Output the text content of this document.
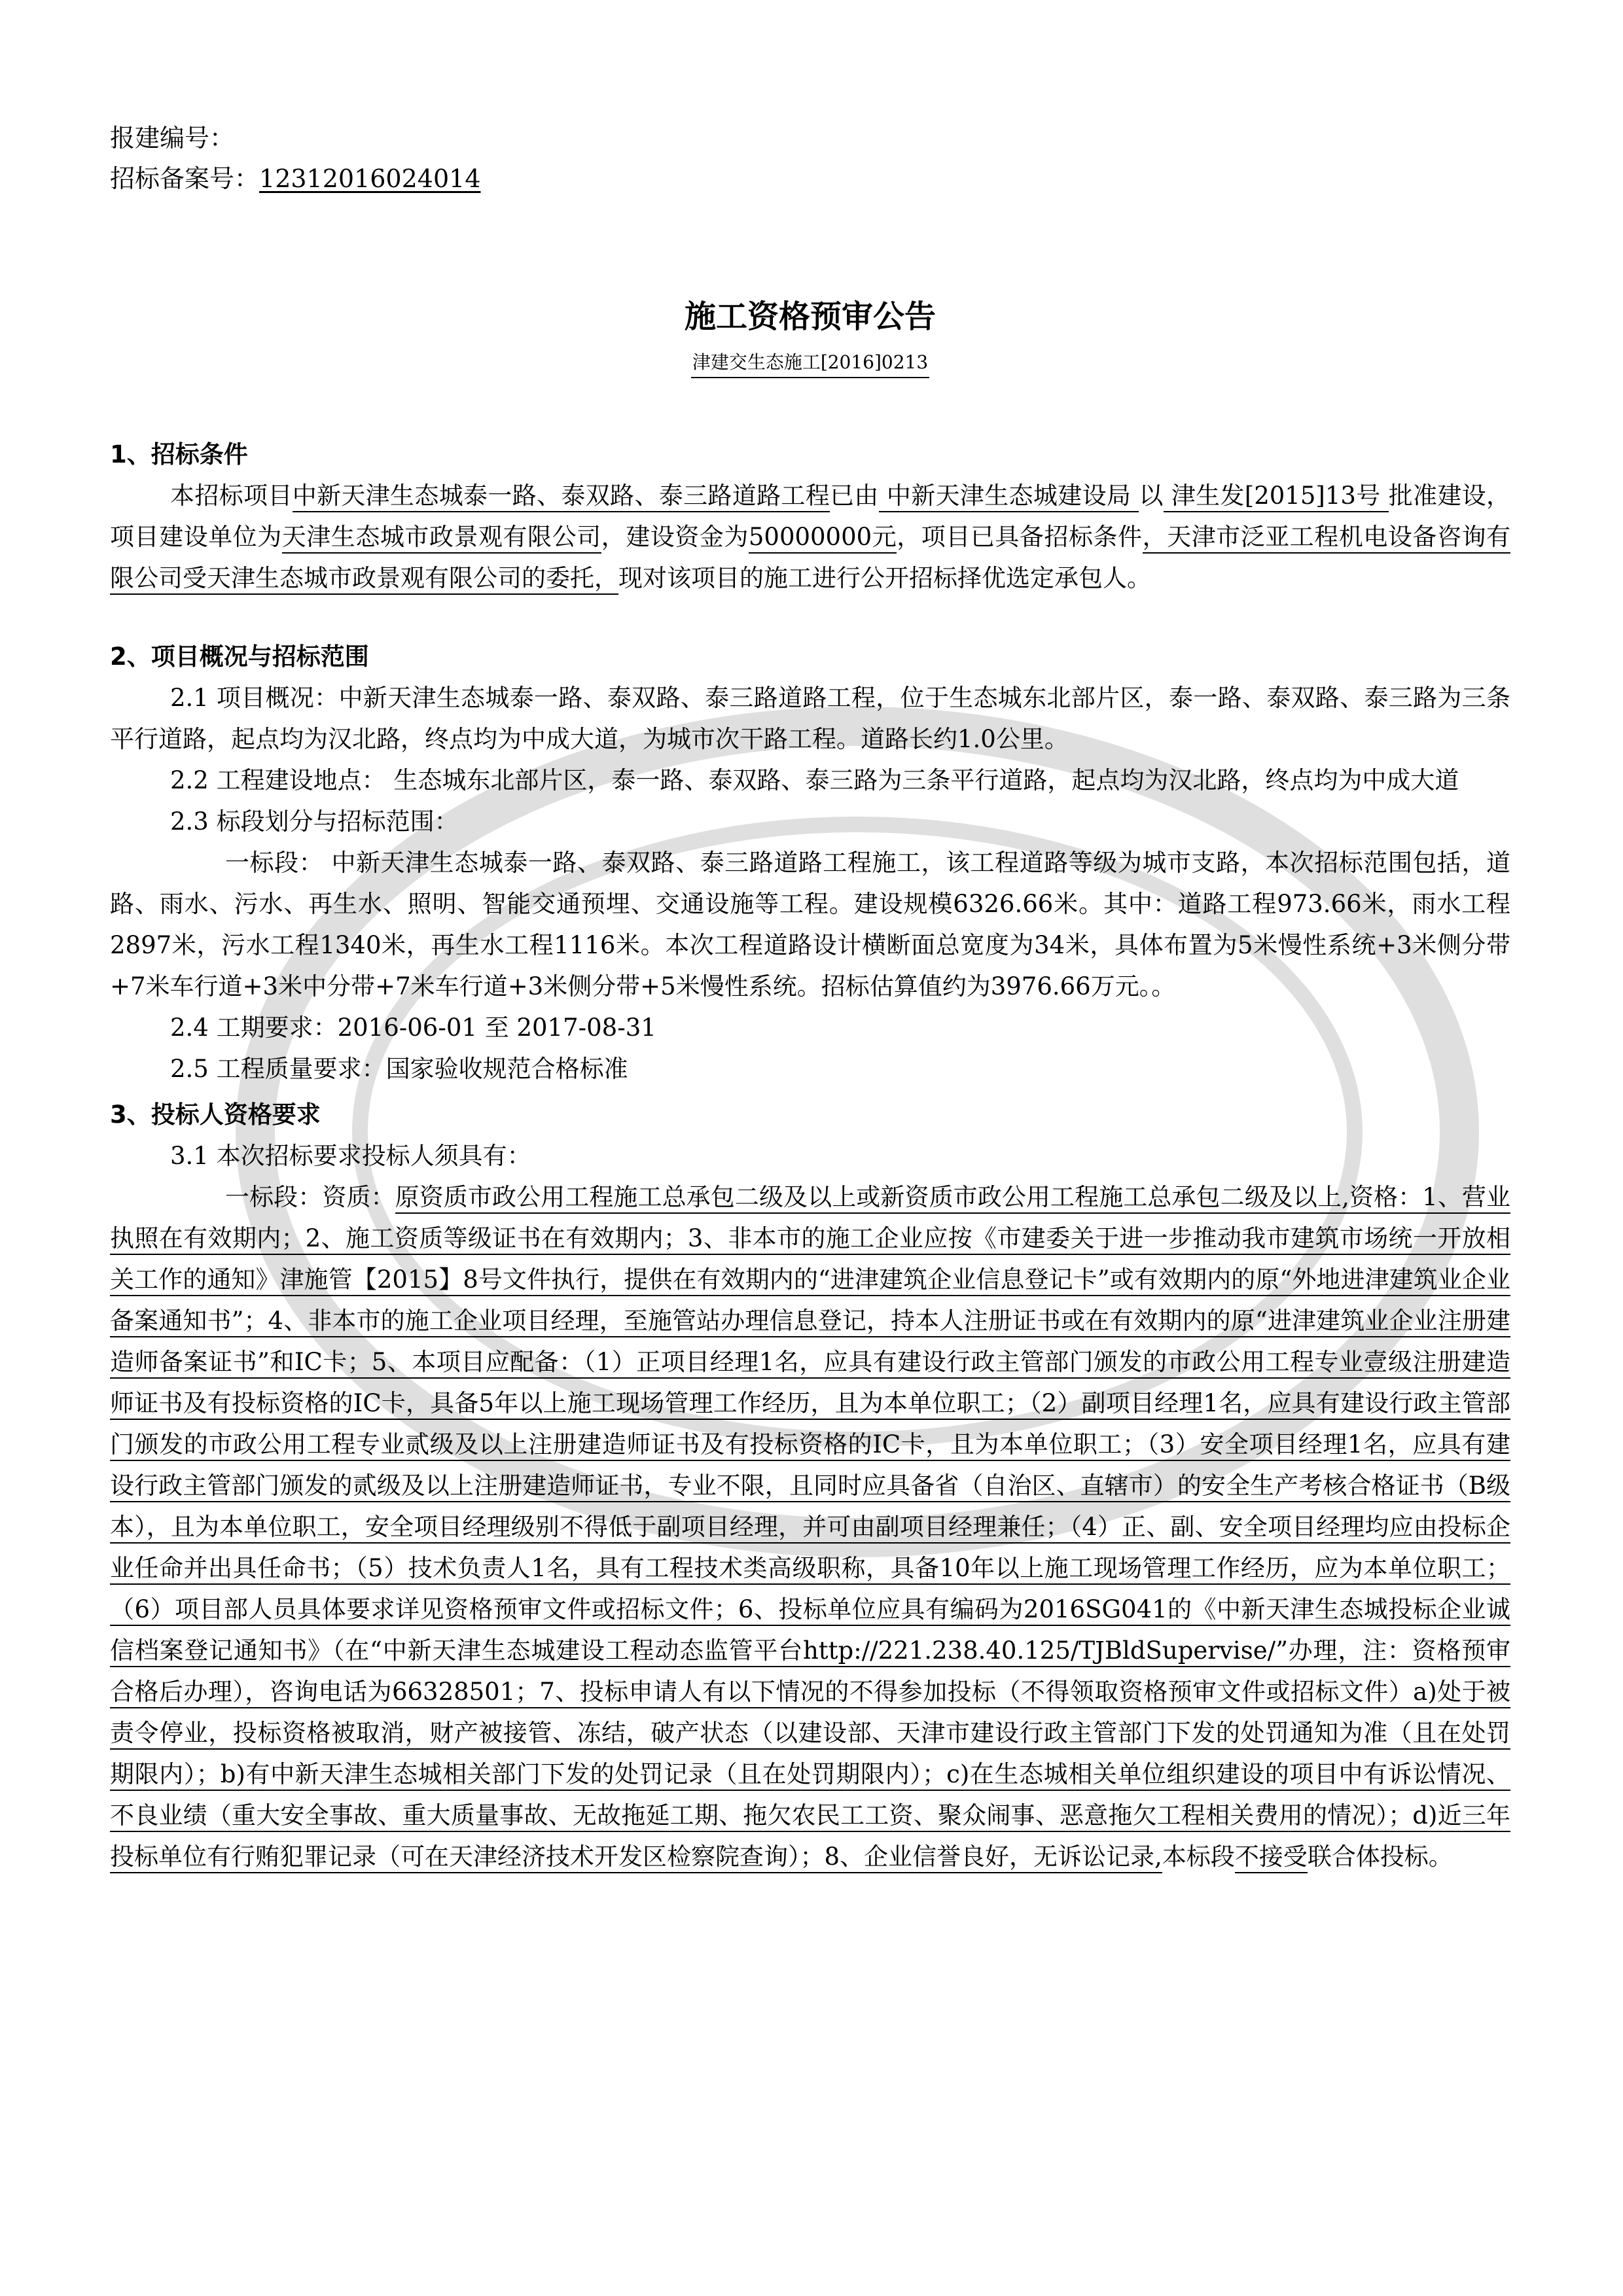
报建编号：
招标备案号：12312016024014
施工资格预审公告
津建交生态施工[2016]0213
1、招标条件

本招标项目中新天津生态城泰一路、泰双路、泰三路道路工程已由 中新天津生态城建设局 以 津生发[2015]13号 批准建设，项目建设单位为天津生态城市政景观有限公司，建设资金为50000000元，项目已具备招标条件，天津市泛亚工程机电设备咨询有限公司受天津生态城市政景观有限公司的委托，现对该项目的施工进行公开招标择优选定承包人。

2、项目概况与招标范围

2.1 项目概况：中新天津生态城泰一路、泰双路、泰三路道路工程，位于生态城东北部片区，泰一路、泰双路、泰三路为三条平行道路，起点均为汉北路，终点均为中成大道，为城市次干路工程。道路长约1.0公里。

2.2 工程建设地点： 生态城东北部片区，泰一路、泰双路、泰三路为三条平行道路，起点均为汉北路，终点均为中成大道

2.3 标段划分与招标范围：

一标段： 中新天津生态城泰一路、泰双路、泰三路道路工程施工，该工程道路等级为城市支路，本次招标范围包括，道路、雨水、污水、再生水、照明、智能交通预埋、交通设施等工程。建设规模6326.66米。其中：道路工程973.66米，雨水工程2897米，污水工程1340米，再生水工程1116米。本次工程道路设计横断面总宽度为34米，具体布置为5米慢性系统+3米侧分带+7米车行道+3米中分带+7米车行道+3米侧分带+5米慢性系统。招标估算值约为3976.66万元。。

2.4 工期要求：2016-06-01 至 2017-08-31

2.5 工程质量要求：国家验收规范合格标准

3、投标人资格要求

3.1 本次招标要求投标人须具有：

一标段：资质：原资质市政公用工程施工总承包二级及以上或新资质市政公用工程施工总承包二级及以上,资格：1、营业执照在有效期内；2、施工资质等级证书在有效期内；3、非本市的施工企业应按《市建委关于进一步推动我市建筑市场统一开放相关工作的通知》津施管【2015】8号文件执行，提供在有效期内的“进津建筑企业信息登记卡”或有效期内的原“外地进津建筑业企业备案通知书”；4、非本市的施工企业项目经理，至施管站办理信息登记，持本人注册证书或在有效期内的原“进津建筑业企业注册建造师备案证书”和IC卡；5、本项目应配备：（1）正项目经理1名，应具有建设行政主管部门颁发的市政公用工程专业壹级注册建造师证书及有投标资格的IC卡，具备5年以上施工现场管理工作经历，且为本单位职工；（2）副项目经理1名，应具有建设行政主管部门颁发的市政公用工程专业贰级及以上注册建造师证书及有投标资格的IC卡，且为本单位职工；（3）安全项目经理1名，应具有建设行政主管部门颁发的贰级及以上注册建造师证书，专业不限，且同时应具备省（自治区、直辖市）的安全生产考核合格证书（B级本），且为本单位职工，安全项目经理级别不得低于副项目经理，并可由副项目经理兼任；（4）正、副、安全项目经理均应由投标企业任命并出具任命书；（5）技术负责人1名，具有工程技术类高级职称，具备10年以上施工现场管理工作经历，应为本单位职工；（6）项目部人员具体要求详见资格预审文件或招标文件；6、投标单位应具有编码为2016SG041的《中新天津生态城投标企业诚信档案登记通知书》（在“中新天津生态城建设工程动态监管平台http://221.238.40.125/TJBldSupervise/”办理，注：资格预审合格后办理），咨询电话为66328501；7、投标申请人有以下情况的不得参加投标（不得领取资格预审文件或招标文件）a)处于被责令停业，投标资格被取消，财产被接管、冻结，破产状态（以建设部、天津市建设行政主管部门下发的处罚通知为准（且在处罚期限内）；b)有中新天津生态城相关部门下发的处罚记录（且在处罚期限内）；c)在生态城相关单位组织建设的项目中有诉讼情况、不良业绩（重大安全事故、重大质量事故、无故拖延工期、拖欠农民工工资、聚众闹事、恶意拖欠工程相关费用的情况）；d)近三年投标单位有行贿犯罪记录（可在天津经济技术开发区检察院查询）；8、企业信誉良好，无诉讼记录,本标段不接受联合体投标。
